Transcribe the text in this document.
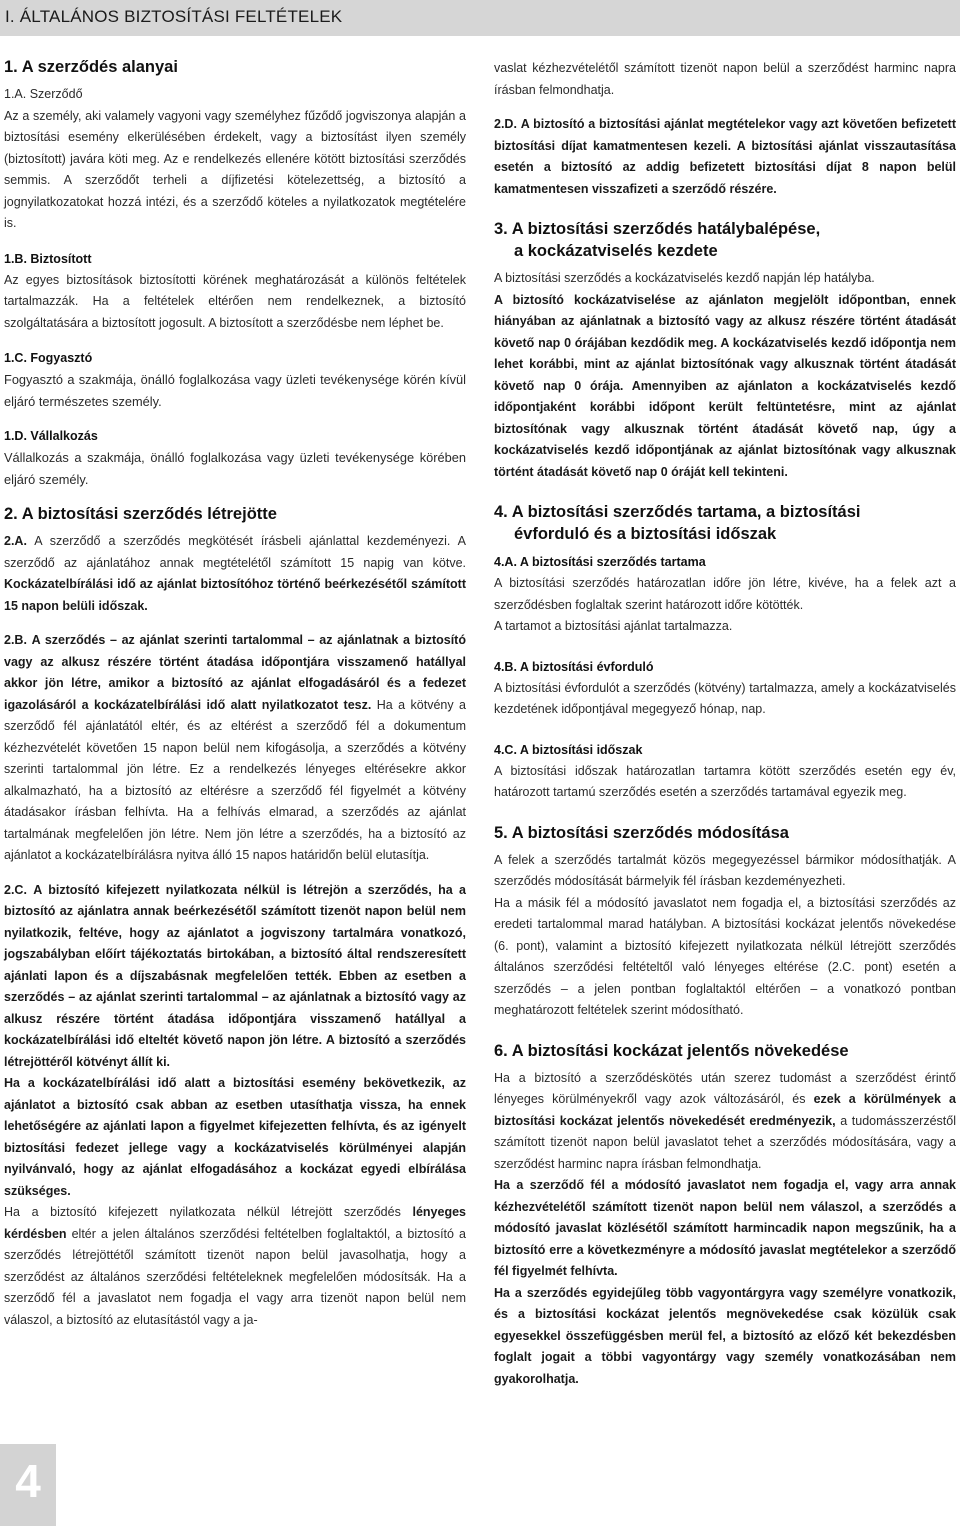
I. ÁLTALÁNOS BIZTOSÍTÁSI FELTÉTELEK
1. A szerződés alanyai

1.A. Szerződő

Az a személy, aki valamely vagyoni vagy személyhez fűződő jogviszonya alapján a biztosítási esemény elkerülésében érdekelt, vagy a biztosítást ilyen személy (biztosított) javára köti meg. Az e rendelkezés ellenére kötött biztosítási szerződés semmis. A szerződőt terheli a díjfizetési kötelezettség, a biztosító a jognyilatkozatokat hozzá intézi, és a szerződő köteles a nyilatkozatok megtételére is.

1.B. Biztosított

Az egyes biztosítások biztosítotti körének meghatározását a különös feltételek tartalmazzák. Ha a feltételek eltérően nem rendelkeznek, a biztosító szolgáltatására a biztosított jogosult. A biztosított a szerződésbe nem léphet be.

1.C. Fogyasztó

Fogyasztó a szakmája, önálló foglalkozása vagy üzleti tevékenysége körén kívül eljáró természetes személy.

1.D. Vállalkozás

Vállalkozás a szakmája, önálló foglalkozása vagy üzleti tevékenysége körében eljáró személy.

2. A biztosítási szerződés létrejötte

2.A. A szerződő a szerződés megkötését írásbeli ajánlattal kezdeményezi. A szerződő az ajánlatához annak megtételétől számított 15 napig van kötve. Kockázatelbírálási idő az ajánlat biztosítóhoz történő beérkezésétől számított 15 napon belüli időszak.

2.B. A szerződés – az ajánlat szerinti tartalommal – az ajánlatnak a biztosító vagy az alkusz részére történt átadása időpontjára visszamenő hatállyal akkor jön létre, amikor a biztosító az ajánlat elfogadásáról és a fedezet igazolásáról a kockázatelbírálási idő alatt nyilatkozatot tesz. Ha a kötvény a szerződő fél ajánlatától eltér, és az eltérést a szerződő fél a dokumentum kézhezvételét követően 15 napon belül nem kifogásolja, a szerződés a kötvény szerinti tartalommal jön létre. Ez a rendelkezés lényeges eltérésekre akkor alkalmazható, ha a biztosító az eltérésre a szerződő fél figyelmét a kötvény átadásakor írásban felhívta. Ha a felhívás elmarad, a szerződés az ajánlat tartalmának megfelelően jön létre. Nem jön létre a szerződés, ha a biztosító az ajánlatot a kockázatelbírálásra nyitva álló 15 napos határidőn belül elutasítja.

2.C. A biztosító kifejezett nyilatkozata nélkül is létrejön a szerződés, ha a biztosító az ajánlatra annak beérkezésétől számított tizenöt napon belül nem nyilatkozik, feltéve, hogy az ajánlatot a jogviszony tartalmára vonatkozó, jogszabályban előírt tájékoztatás birtokában, a biztosító által rendszeresített ajánlati lapon és a díjszabásnak megfelelően tették. Ebben az esetben a szerződés – az ajánlat szerinti tartalommal – az ajánlatnak a biztosító vagy az alkusz részére történt átadása időpontjára visszamenő hatállyal a kockázatelbírálási idő elteltét követő napon jön létre. A biztosító a szerződés létrejöttéről kötvényt állít ki.

Ha a kockázatelbírálási idő alatt a biztosítási esemény bekövetkezik, az ajánlatot a biztosító csak abban az esetben utasíthatja vissza, ha ennek lehetőségére az ajánlati lapon a figyelmet kifejezetten felhívta, és az igényelt biztosítási fedezet jellege vagy a kockázatviselés körülményei alapján nyilvánvaló, hogy az ajánlat elfogadásához a kockázat egyedi elbírálása szükséges.

Ha a biztosító kifejezett nyilatkozata nélkül létrejött szerződés lényeges kérdésben eltér a jelen általános szerződési feltételben foglaltaktól, a biztosító a szerződés létrejöttétől számított tizenöt napon belül javasolhatja, hogy a szerződést az általános szerződési feltételeknek megfelelően módosítsák. Ha a szerződő fél a javaslatot nem fogadja el vagy arra tizenöt napon belül nem válaszol, a biztosító az elutasítástól vagy a ja-

vaslat kézhezvételétől számított tizenöt napon belül a szerződést harminc napra írásban felmondhatja.

2.D. A biztosító a biztosítási ajánlat megtételekor vagy azt követően befizetett biztosítási díjat kamatmentesen kezeli. A biztosítási ajánlat visszautasítása esetén a biztosító az addig befizetett biztosítási díjat 8 napon belül kamatmentesen visszafizeti a szerződő részére.

3. A biztosítási szerződés hatálybalépése,
a kockázatviselés kezdete

A biztosítási szerződés a kockázatviselés kezdő napján lép hatályba.

A biztosító kockázatviselése az ajánlaton megjelölt időpontban, ennek hiányában az ajánlatnak a biztosító vagy az alkusz részére történt átadását követő nap 0 órájában kezdődik meg. A kockázatviselés kezdő időpontja nem lehet korábbi, mint az ajánlat biztosítónak vagy alkusznak történt átadását követő nap 0 órája. Amennyiben az ajánlaton a kockázatviselés kezdő időpontjaként korábbi időpont került feltüntetésre, mint az ajánlat biztosítónak vagy alkusznak történt átadását követő nap, úgy a kockázatviselés kezdő időpontjának az ajánlat biztosítónak vagy alkusznak történt átadását követő nap 0 óráját kell tekinteni.

4. A biztosítási szerződés tartama, a biztosítási
évforduló és a biztosítási időszak
4.A. A biztosítási szerződés tartama

A biztosítási szerződés határozatlan időre jön létre, kivéve, ha a felek azt a szerződésben foglaltak szerint határozott időre kötötték.

A tartamot a biztosítási ajánlat tartalmazza.

4.B. A biztosítási évforduló

A biztosítási évfordulót a szerződés (kötvény) tartalmazza, amely a kockázatviselés kezdetének időpontjával megegyező hónap, nap.

4.C. A biztosítási időszak

A biztosítási időszak határozatlan tartamra kötött szerződés esetén egy év, határozott tartamú szerződés esetén a szerződés tartamával egyezik meg.

5. A biztosítási szerződés módosítása

A felek a szerződés tartalmát közös megegyezéssel bármikor módosíthatják. A szerződés módosítását bármelyik fél írásban kezdeményezheti.

Ha a másik fél a módosító javaslatot nem fogadja el, a biztosítási szerződés az eredeti tartalommal marad hatályban. A biztosítási kockázat jelentős növekedése (6. pont), valamint a biztosító kifejezett nyilatkozata nélkül létrejött szerződés általános szerződési feltételtől való lényeges eltérése (2.C. pont) esetén a szerződés – a jelen pontban foglaltaktól eltérően – a vonatkozó pontban meghatározott feltételek szerint módosítható.

6. A biztosítási kockázat jelentős növekedése

Ha a biztosító a szerződéskötés után szerez tudomást a szerződést érintő lényeges körülményekről vagy azok változásáról, és ezek a körülmények a biztosítási kockázat jelentős növekedését eredményezik, a tudomásszerzéstől számított tizenöt napon belül javaslatot tehet a szerződés módosítására, vagy a szerződést harminc napra írásban felmondhatja.

Ha a szerződő fél a módosító javaslatot nem fogadja el, vagy arra annak kézhezvételétől számított tizenöt napon belül nem válaszol, a szerződés a módosító javaslat közlésétől számított harmincadik napon megszűnik, ha a biztosító erre a következményre a módosító javaslat megtételekor a szerződő fél figyelmét felhívta.

Ha a szerződés egyidejűleg több vagyontárgyra vagy személyre vonatkozik, és a biztosítási kockázat jelentős megnövekedése csak közülük csak egyesekkel összefüggésben merül fel, a biztosító az előző két bekezdésben foglalt jogait a többi vagyontárgy vagy személy vonatkozásában nem gyakorolhatja.

4
